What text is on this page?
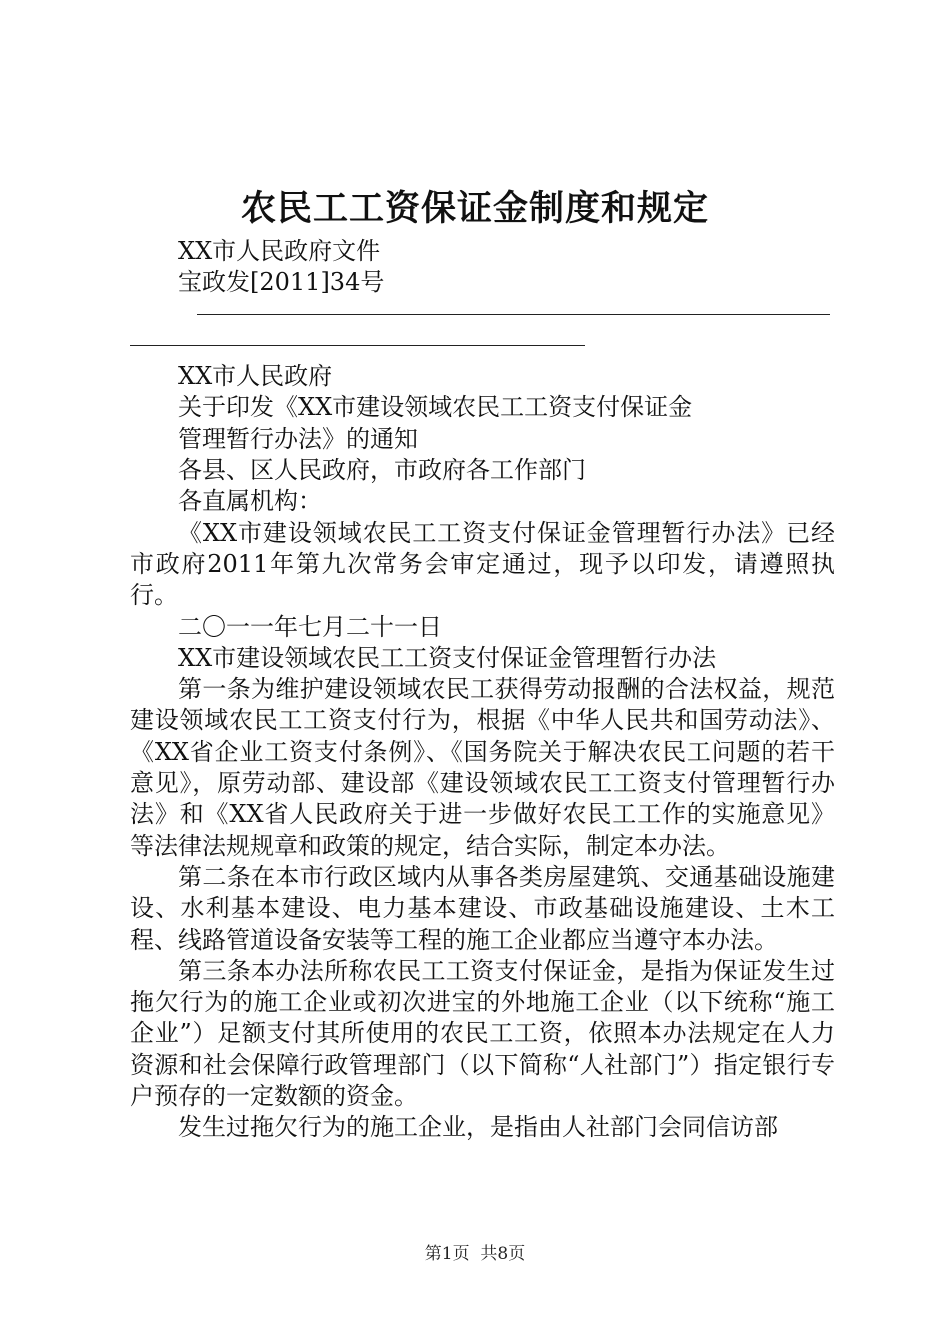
农民工工资保证金制度和规定
XX市人民政府文件
宝政发[2011]34号
XX市人民政府
关于印发《XX市建设领域农民工工资支付保证金
管理暂行办法》的通知
各县、区人民政府，市政府各工作部门
各直属机构：

《XX市建设领域农民工工资支付保证金管理暂行办法》已经市政府2011年第九次常务会审定通过，现予以印发，请遵照执行。

二〇一一年七月二十一日
XX市建设领域农民工工资支付保证金管理暂行办法

第一条为维护建设领域农民工获得劳动报酬的合法权益，规范建设领域农民工工资支付行为，根据《中华人民共和国劳动法》、《XX省企业工资支付条例》、《国务院关于解决农民工问题的若干意见》，原劳动部、建设部《建设领域农民工工资支付管理暂行办法》和《XX省人民政府关于进一步做好农民工工作的实施意见》等法律法规规章和政策的规定，结合实际，制定本办法。

第二条在本市行政区域内从事各类房屋建筑、交通基础设施建设、水利基本建设、电力基本建设、市政基础设施建设、土木工程、线路管道设备安装等工程的施工企业都应当遵守本办法。

第三条本办法所称农民工工资支付保证金，是指为保证发生过拖欠行为的施工企业或初次进宝的外地施工企业（以下统称“施工企业”）足额支付其所使用的农民工工资，依照本办法规定在人力资源和社会保障行政管理部门（以下简称“人社部门”）指定银行专户预存的一定数额的资金。

发生过拖欠行为的施工企业，是指由人社部门会同信访部

第1页 共8页
